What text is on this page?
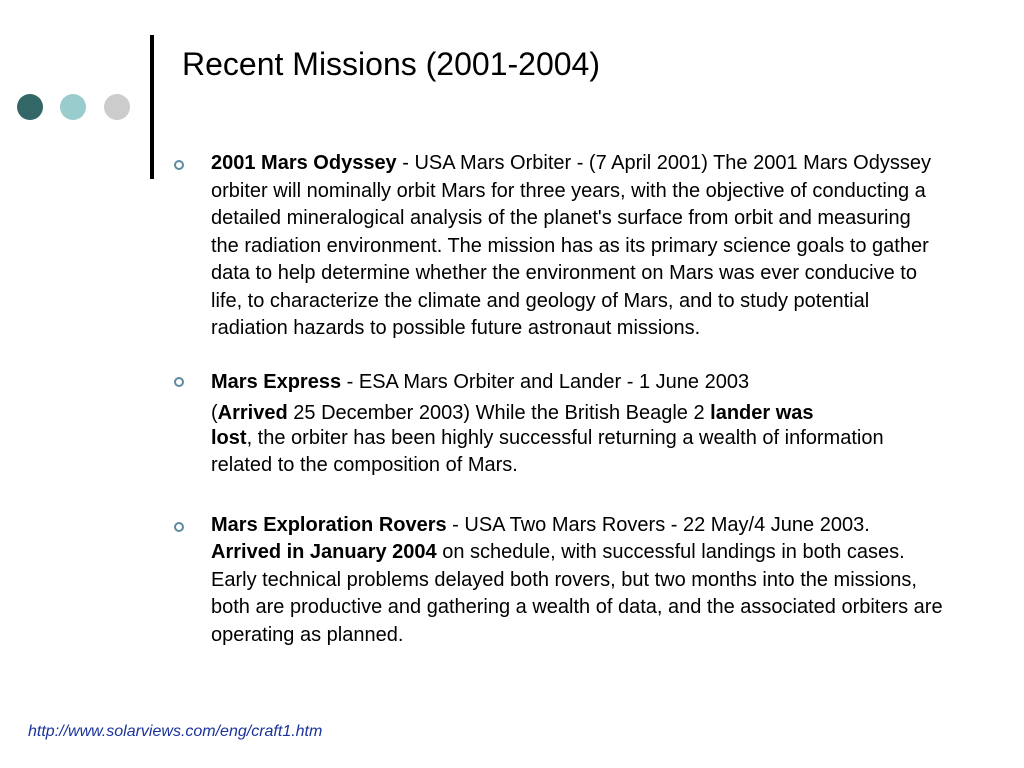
Recent Missions (2001-2004)
2001 Mars Odyssey - USA Mars Orbiter - (7 April 2001) The 2001 Mars Odyssey orbiter will nominally orbit Mars for three years, with the objective of conducting a detailed mineralogical analysis of the planet's surface from orbit and measuring the radiation environment. The mission has as its primary science goals to gather data to help determine whether the environment on Mars was ever conducive to life, to characterize the climate and geology of Mars, and to study potential radiation hazards to possible future astronaut missions.
Mars Express - ESA Mars Orbiter and Lander - 1 June 2003
(Arrived 25 December 2003) While the British Beagle 2 lander was
lost, the orbiter has been highly successful returning a wealth of information related to the composition of Mars.
Mars Exploration Rovers - USA Two Mars Rovers - 22 May/4 June 2003. Arrived in January 2004 on schedule, with successful landings in both cases. Early technical problems delayed both rovers, but two months into the missions, both are productive and gathering a wealth of data, and the associated orbiters are operating as planned.
http://www.solarviews.com/eng/craft1.htm
